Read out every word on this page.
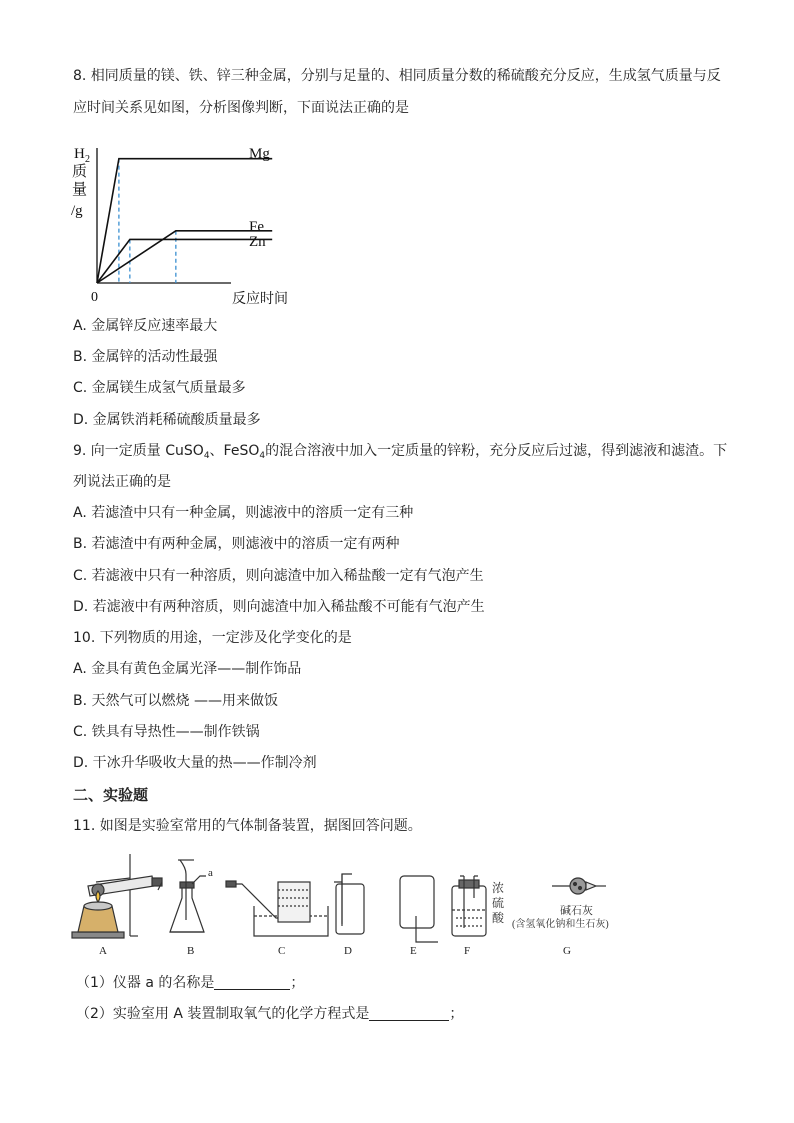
8. 相同质量的镁、铁、锌三种金属，分别与足量的、相同质量分数的稀硫酸充分反应，生成氢气质量与反
应时间关系见如图，分析图像判断，下面说法正确的是
H 2
质
量
/g
0	反应时间
Mg
Fe
Zn
A. 金属锌反应速率最大
B. 金属锌的活动性最强
C. 金属镁生成氢气质量最多
D. 金属铁消耗稀硫酸质量最多
9. 向一定质量 CuSO$_4$、FeSO$_4$的混合溶液中加入一定质量的锌粉，充分反应后过滤，得到滤液和滤渣。下
列说法正确的是
A. 若滤渣中只有一种金属，则滤液中的溶质一定有三种
B. 若滤渣中有两种金属，则滤液中的溶质一定有两种
C. 若滤液中只有一种溶质，则向滤渣中加入稀盐酸一定有气泡产生
D. 若滤液中有两种溶质，则向滤渣中加入稀盐酸不可能有气泡产生
10. 下列物质的用途，一定涉及化学变化的是
A. 金具有黄色金属光泽——制作饰品
B. 天然气可以燃烧 ——用来做饭
C. 铁具有导热性——制作铁锅
D. 干冰升华吸收大量的热——作制冷剂
二、实验题
11. 如图是实验室常用的气体制备装置，据图回答问题。
a
浓
硫
酸	碱石灰
(含氢氧化钠和生石灰)
A	B	C	D	E	F	G
（1）仪器 a 的名称是	；
（2）实验室用 A 装置制取氧气的化学方程式是	；
